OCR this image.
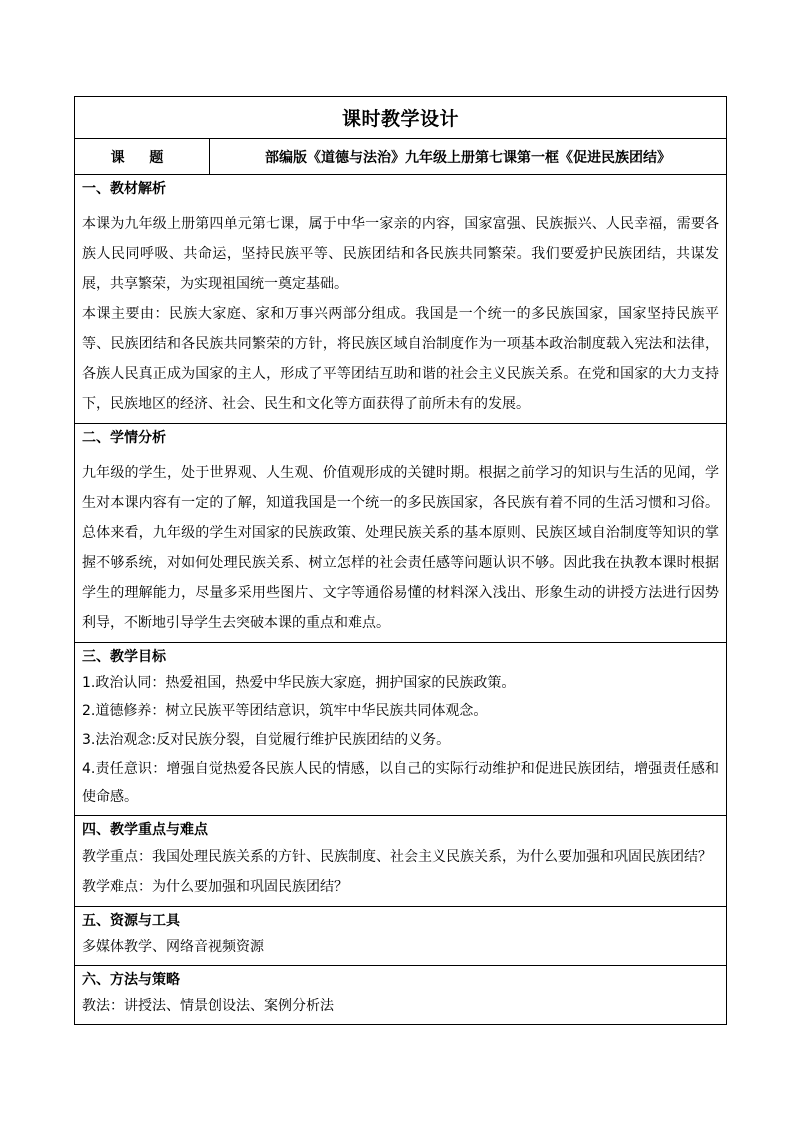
课时教学设计
课 题	部编版《道德与法治》九年级上册第七课第一框《促进民族团结》
一、教材解析

本课为九年级上册第四单元第七课，属于中华一家亲的内容，国家富强、民族振兴、人民幸福，需要各族人民同呼吸、共命运，坚持民族平等、民族团结和各民族共同繁荣。我们要爱护民族团结，共谋发展，共享繁荣，为实现祖国统一奠定基础。

本课主要由：民族大家庭、家和万事兴两部分组成。我国是一个统一的多民族国家，国家坚持民族平等、民族团结和各民族共同繁荣的方针，将民族区域自治制度作为一项基本政治制度载入宪法和法律，各族人民真正成为国家的主人，形成了平等团结互助和谐的社会主义民族关系。在党和国家的大力支持下，民族地区的经济、社会、民生和文化等方面获得了前所未有的发展。

二、学情分析

九年级的学生，处于世界观、人生观、价值观形成的关键时期。根据之前学习的知识与生活的见闻，学生对本课内容有一定的了解，知道我国是一个统一的多民族国家，各民族有着不同的生活习惯和习俗。总体来看，九年级的学生对国家的民族政策、处理民族关系的基本原则、民族区域自治制度等知识的掌握不够系统，对如何处理民族关系、树立怎样的社会责任感等问题认识不够。因此我在执教本课时根据学生的理解能力，尽量多采用些图片、文字等通俗易懂的材料深入浅出、形象生动的讲授方法进行因势利导，不断地引导学生去突破本课的重点和难点。

三、教学目标

1.政治认同：热爱祖国，热爱中华民族大家庭，拥护国家的民族政策。

2.道德修养：树立民族平等团结意识，筑牢中华民族共同体观念。

3.法治观念:反对民族分裂，自觉履行维护民族团结的义务。

4.责任意识：增强自觉热爱各民族人民的情感，以自己的实际行动维护和促进民族团结，增强责任感和使命感。

四、教学重点与难点

教学重点：我国处理民族关系的方针、民族制度、社会主义民族关系，为什么要加强和巩固民族团结？

教学难点：为什么要加强和巩固民族团结？

五、资源与工具

多媒体教学、网络音视频资源

六、方法与策略

教法：讲授法、情景创设法、案例分析法
